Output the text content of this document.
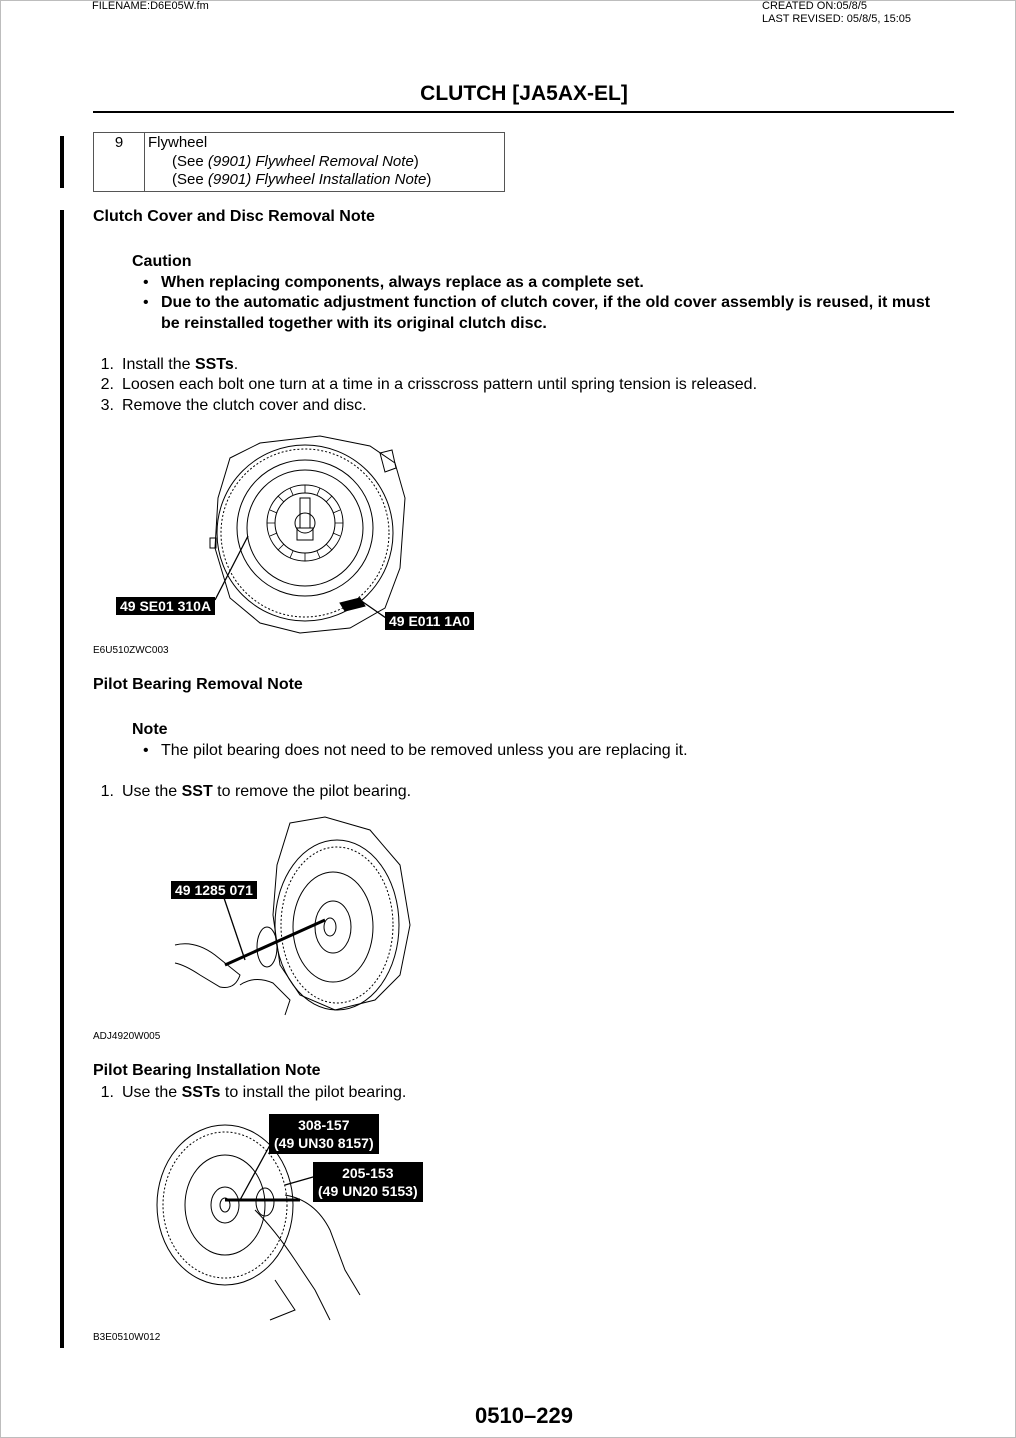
FILENAME:D6E05W.fm	CREATED ON:05/8/5
LAST REVISED: 05/8/5, 15:05
CLUTCH [JA5AX-EL]
9	Flywheel
(See (9901) Flywheel Removal Note)
(See (9901) Flywheel Installation Note)
Clutch Cover and Disc Removal Note
Caution
• When replacing components, always replace as a complete set.
• Due to the automatic adjustment function of clutch cover, if the old cover assembly is reused, it must be reinstalled together with its original clutch disc.
1. Install the SSTs.
2. Loosen each bolt one turn at a time in a crisscross pattern until spring tension is released.
3. Remove the clutch cover and disc.
49 SE01 310A
49 E011 1A0
E6U510ZWC003
Pilot Bearing Removal Note
Note
• The pilot bearing does not need to be removed unless you are replacing it.
1. Use the SST to remove the pilot bearing.
49 1285 071
ADJ4920W005
Pilot Bearing Installation Note
1. Use the SSTs to install the pilot bearing.
308-157
(49 UN30 8157)
205-153
(49 UN20 5153)
B3E0510W012
0510–229
